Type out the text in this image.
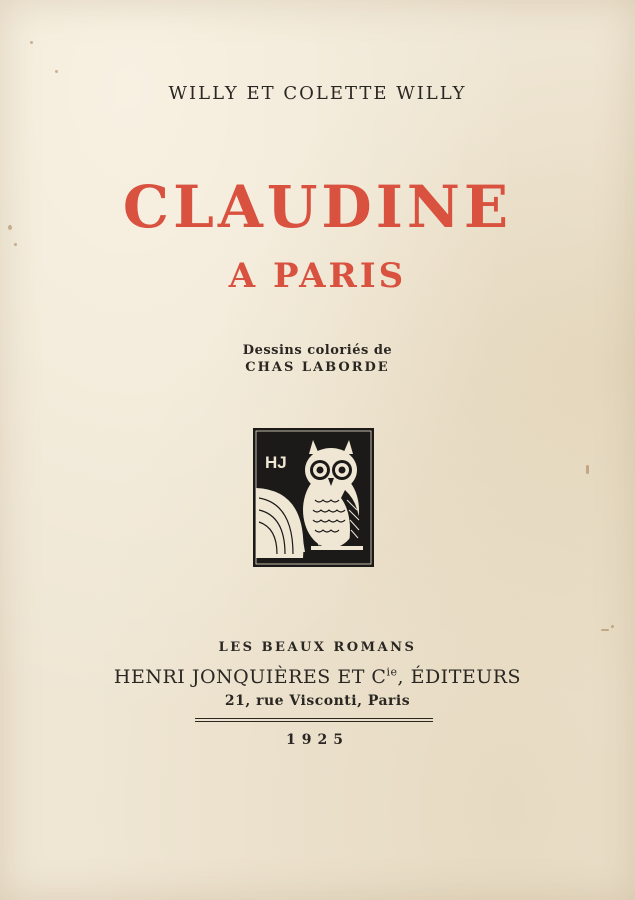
WILLY ET COLETTE WILLY
CLAUDINE
A PARIS
Dessins coloriés de
CHAS LABORDE
HJ
LES BEAUX ROMANS
HENRI JONQUIÈRES ET $C^{ie}$, ÉDITEURS
21, rue Visconti, Paris
1925
